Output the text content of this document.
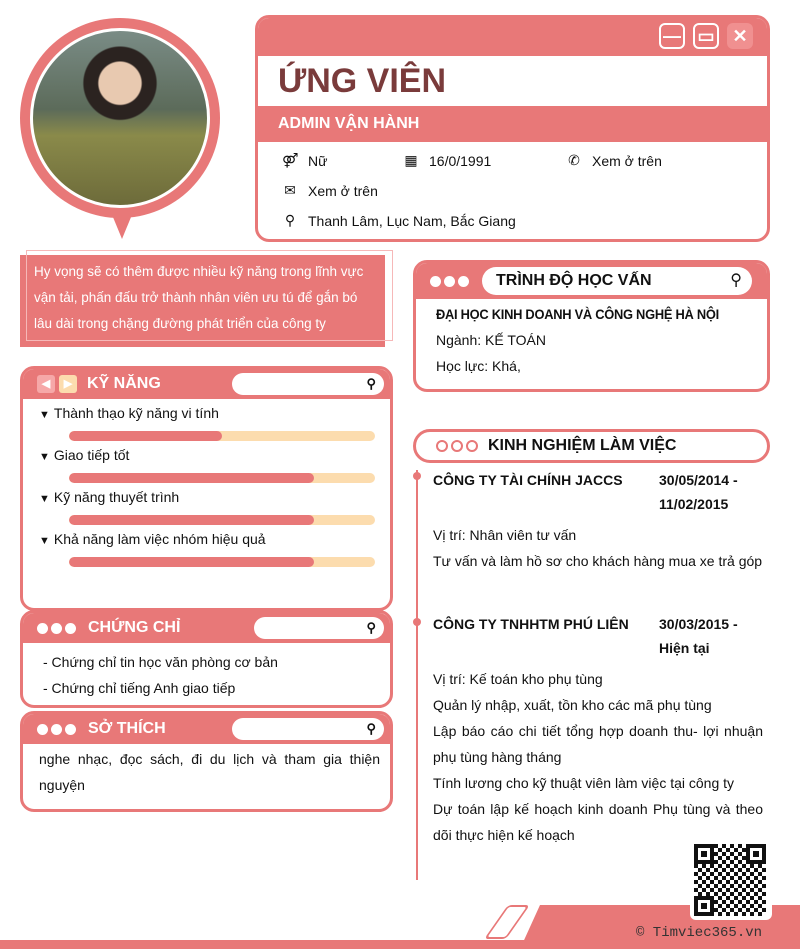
— ▭ ✕
ỨNG VIÊN
ADMIN VẬN HÀNH
⚤ Nữ	▦ 16/0/1991	✆ Xem ở trên
✉ Xem ở trên
⚲ Thanh Lâm, Lục Nam, Bắc Giang
Hy vọng sẽ có thêm được nhiều kỹ năng trong lĩnh vực vận tải, phấn đấu trở thành nhân viên ưu tú để gắn bó lâu dài trong chặng đường phát triển của công ty
◀	▶ KỸ NĂNG	⚲
▼ Thành thạo kỹ năng vi tính
▼ Giao tiếp tốt
▼ Kỹ năng thuyết trình
▼ Khả năng làm việc nhóm hiệu quả
CHỨNG CHỈ	⚲
- Chứng chỉ tin học văn phòng cơ bản
- Chứng chỉ tiếng Anh giao tiếp
SỞ THÍCH	⚲
nghe nhạc, đọc sách, đi du lịch và tham gia thiện nguyện
TRÌNH ĐỘ HỌC VẤN	⚲
ĐẠI HỌC KINH DOANH VÀ CÔNG NGHỆ HÀ NỘI
Ngành: KẾ TOÁN
Học lực: Khá,
KINH NGHIỆM LÀM VIỆC
CÔNG TY TÀI CHÍNH JACCS	30/05/2014 -
11/02/2015
Vị trí: Nhân viên tư vấn
Tư vấn và làm hồ sơ cho khách hàng mua xe trả góp
CÔNG TY TNHHTM PHÚ LIÊN	30/03/2015 -
Hiện tại
Vị trí: Kế toán kho phụ tùng
Quản lý nhập, xuất, tồn kho các mã phụ tùng
Lập báo cáo chi tiết tổng hợp doanh thu- lợi nhuận phụ tùng hàng tháng
Tính lương cho kỹ thuật viên làm việc tại công ty
Dự toán lập kế hoạch kinh doanh Phụ tùng và theo dõi thực hiện kế hoạch
© Timviec365.vn
